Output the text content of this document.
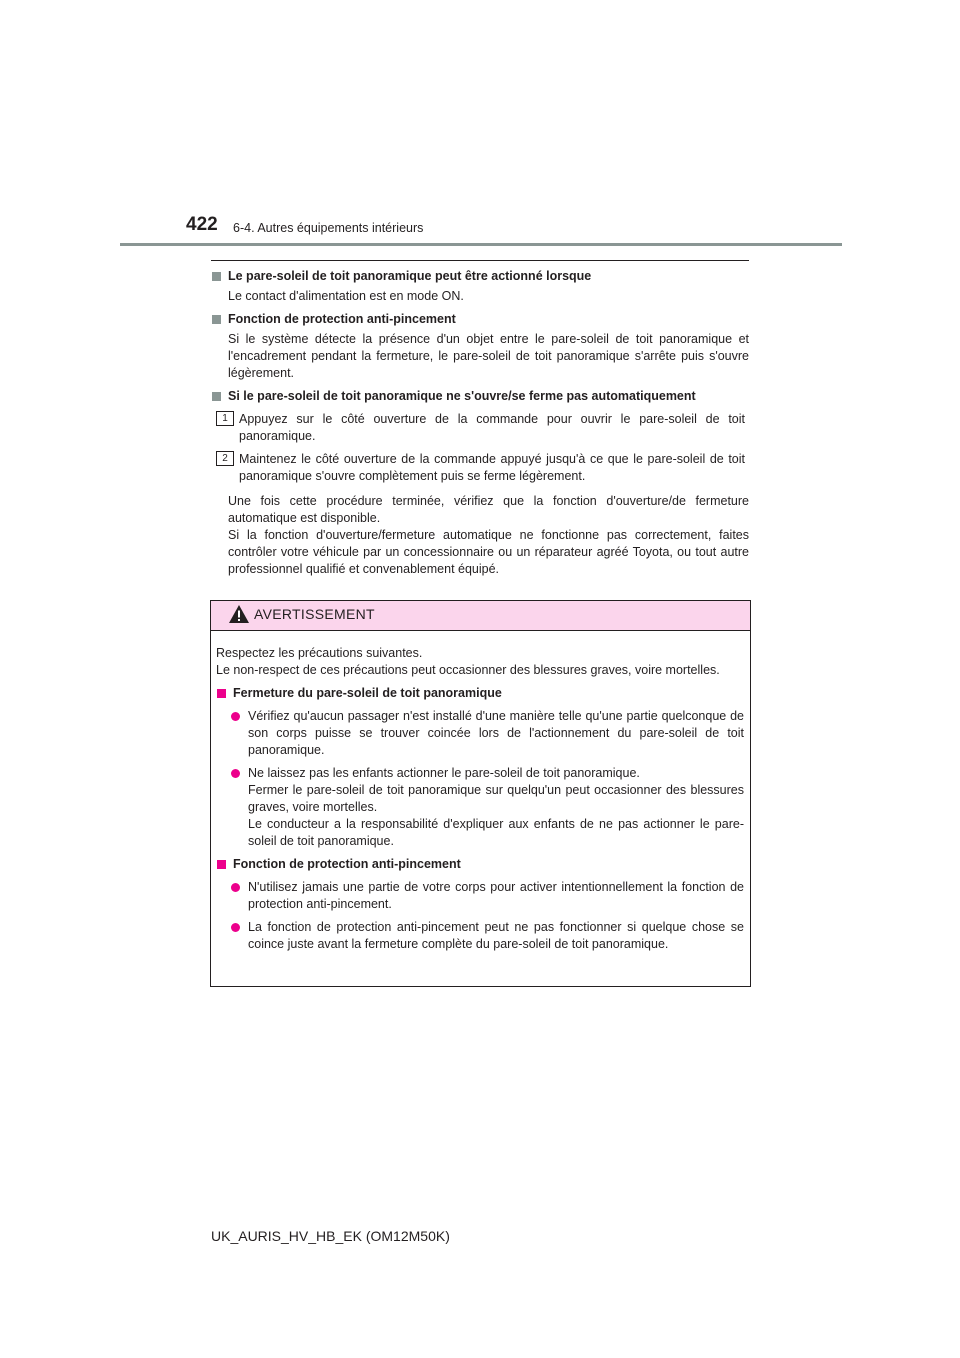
422 6-4. Autres équipements intérieurs
Le pare-soleil de toit panoramique peut être actionné lorsque
Le contact d'alimentation est en mode ON.
Fonction de protection anti-pincement
Si le système détecte la présence d'un objet entre le pare-soleil de toit panoramique et l'encadrement pendant la fermeture, le pare-soleil de toit panoramique s'arrête puis s'ouvre légèrement.
Si le pare-soleil de toit panoramique ne s'ouvre/se ferme pas automatiquement
1 Appuyez sur le côté ouverture de la commande pour ouvrir le pare-soleil de toit panoramique.
2 Maintenez le côté ouverture de la commande appuyé jusqu'à ce que le pare-soleil de toit panoramique s'ouvre complètement puis se ferme légèrement.
Une fois cette procédure terminée, vérifiez que la fonction d'ouverture/de fermeture automatique est disponible.
Si la fonction d'ouverture/fermeture automatique ne fonctionne pas correctement, faites contrôler votre véhicule par un concessionnaire ou un réparateur agréé Toyota, ou tout autre professionnel qualifié et convenablement équipé.
AVERTISSEMENT
Respectez les précautions suivantes.
Le non-respect de ces précautions peut occasionner des blessures graves, voire mortelles.
Fermeture du pare-soleil de toit panoramique
Vérifiez qu'aucun passager n'est installé d'une manière telle qu'une partie quelconque de son corps puisse se trouver coincée lors de l'actionnement du pare-soleil de toit panoramique.
Ne laissez pas les enfants actionner le pare-soleil de toit panoramique.
Fermer le pare-soleil de toit panoramique sur quelqu'un peut occasionner des blessures graves, voire mortelles.
Le conducteur a la responsabilité d'expliquer aux enfants de ne pas actionner le pare-soleil de toit panoramique.
Fonction de protection anti-pincement
N'utilisez jamais une partie de votre corps pour activer intentionnellement la fonction de protection anti-pincement.
La fonction de protection anti-pincement peut ne pas fonctionner si quelque chose se coince juste avant la fermeture complète du pare-soleil de toit panoramique.
UK_AURIS_HV_HB_EK (OM12M50K)
